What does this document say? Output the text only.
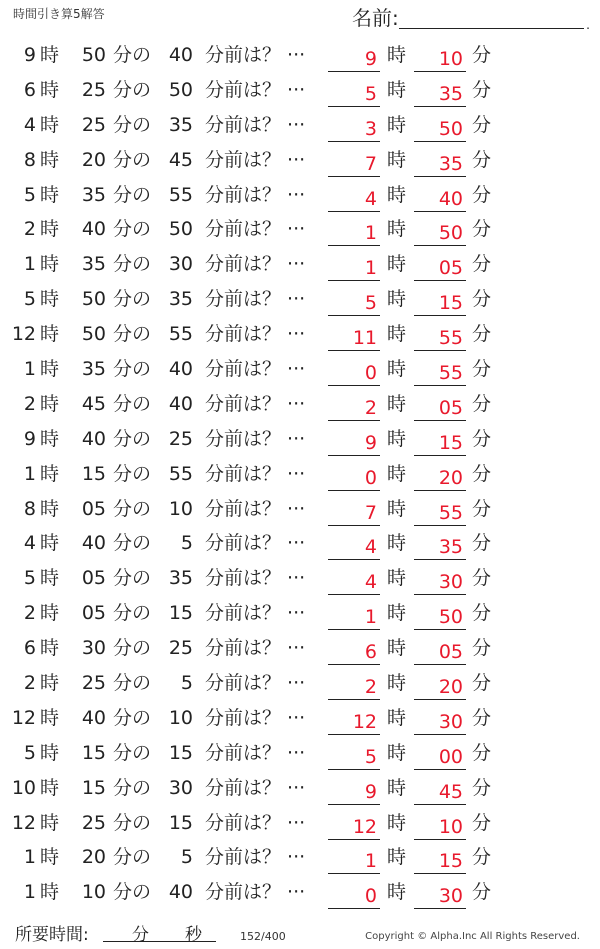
時間引き算5解答	名前:	.
9 時	50 分の 40 分前は？ ···	9 時 10 分
6 時	25 分の 50 分前は？ ···	5 時 35 分
4 時	25 分の 35 分前は？ ···	3 時 50 分
8 時	20 分の 45 分前は？ ···	7 時 35 分
5 時	35 分の 55 分前は？ ···	4 時 40 分
2 時	40 分の 50 分前は？ ···	1 時 50 分
1 時	35 分の 30 分前は？ ···	1 時 05 分
5 時	50 分の 35 分前は？ ···	5 時 15 分
12 時	50 分の 55 分前は？ ···	11 時 55 分
1 時	35 分の 40 分前は？ ···	0 時 55 分
2 時	45 分の 40 分前は？ ···	2 時 05 分
9 時	40 分の 25 分前は？ ···	9 時 15 分
1 時	15 分の 55 分前は？ ···	0 時 20 分
8 時	05 分の 10 分前は？ ···	7 時 55 分
4 時	40 分の	5 分前は？ ···	4 時 35 分
5 時	05 分の 35 分前は？ ···	4 時 30 分
2 時	05 分の 15 分前は？ ···	1 時 50 分
6 時	30 分の 25 分前は？ ···	6 時 05 分
2 時	25 分の	5 分前は？ ···	2 時 20 分
12 時	40 分の 10 分前は？ ···	12 時 30 分
5 時	15 分の 15 分前は？ ···	5 時 00 分
10 時	15 分の 30 分前は？ ···	9 時 45 分
12 時	25 分の 15 分前は？ ···	12 時 10 分
1 時	20 分の	5 分前は？ ···	1 時 15 分
1 時	10 分の 40 分前は？ ···	0 時 30 分
所要時間:	分 秒	152/400	Copyright © Alpha.Inc All Rights Reserved.
